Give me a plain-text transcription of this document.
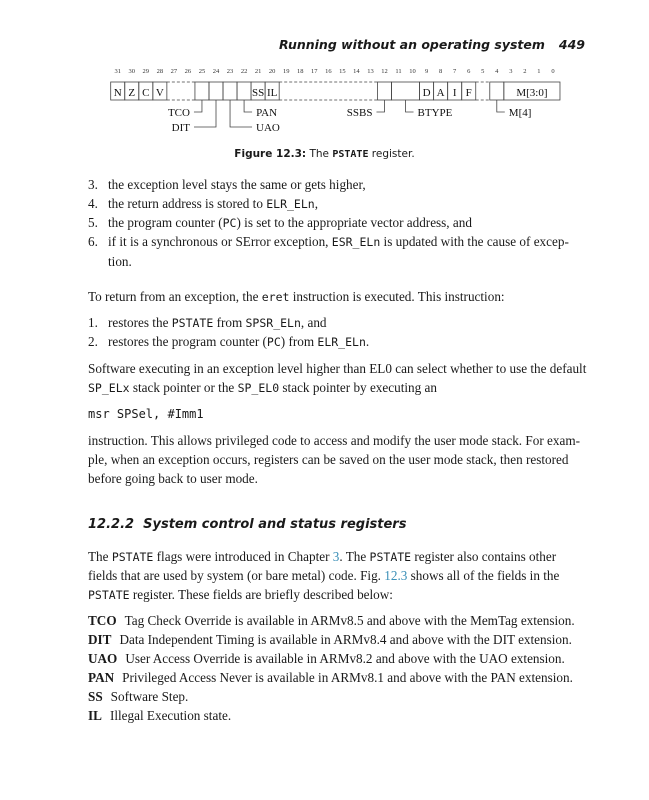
Running without an operating system 449
31 30 29 28 27 26 25 24 23 22 21 20 19 18 17 16 15 14 13 12 11 10 9 8 7 6 5 4 3 2 1 0
N Z C V	SS IL	D A I F	M[3:0]
TCO
DIT	UAO
PAN	SSBS	BTYPE	M[4]
Figure 12.3: The PSTATE register.
3. the exception level stays the same or gets higher,
4. the return address is stored to ELR_ELn,
5. the program counter (PC) is set to the appropriate vector address, and
6. if it is a synchronous or SError exception, ESR_ELn is updated with the cause of excep-
tion.
To return from an exception, the eret instruction is executed. This instruction:
1. restores the PSTATE from SPSR_ELn, and
2. restores the program counter (PC) from ELR_ELn.
Software executing in an exception level higher than EL0 can select whether to use the default
SP_ELx stack pointer or the SP_EL0 stack pointer by executing an
msr SPSel, #Imm1
instruction. This allows privileged code to access and modify the user mode stack. For exam-
ple, when an exception occurs, registers can be saved on the user mode stack, then restored
before going back to user mode.
12.2.2 System control and status registers
The PSTATE flags were introduced in Chapter 3. The PSTATE register also contains other
fields that are used by system (or bare metal) code. Fig. 12.3 shows all of the fields in the
PSTATE register. These fields are briefly described below:
TCO Tag Check Override is available in ARMv8.5 and above with the MemTag extension.
DIT Data Independent Timing is available in ARMv8.4 and above with the DIT extension.
UAO User Access Override is available in ARMv8.2 and above with the UAO extension.
PAN Privileged Access Never is available in ARMv8.1 and above with the PAN extension.
SS Software Step.
IL Illegal Execution state.
